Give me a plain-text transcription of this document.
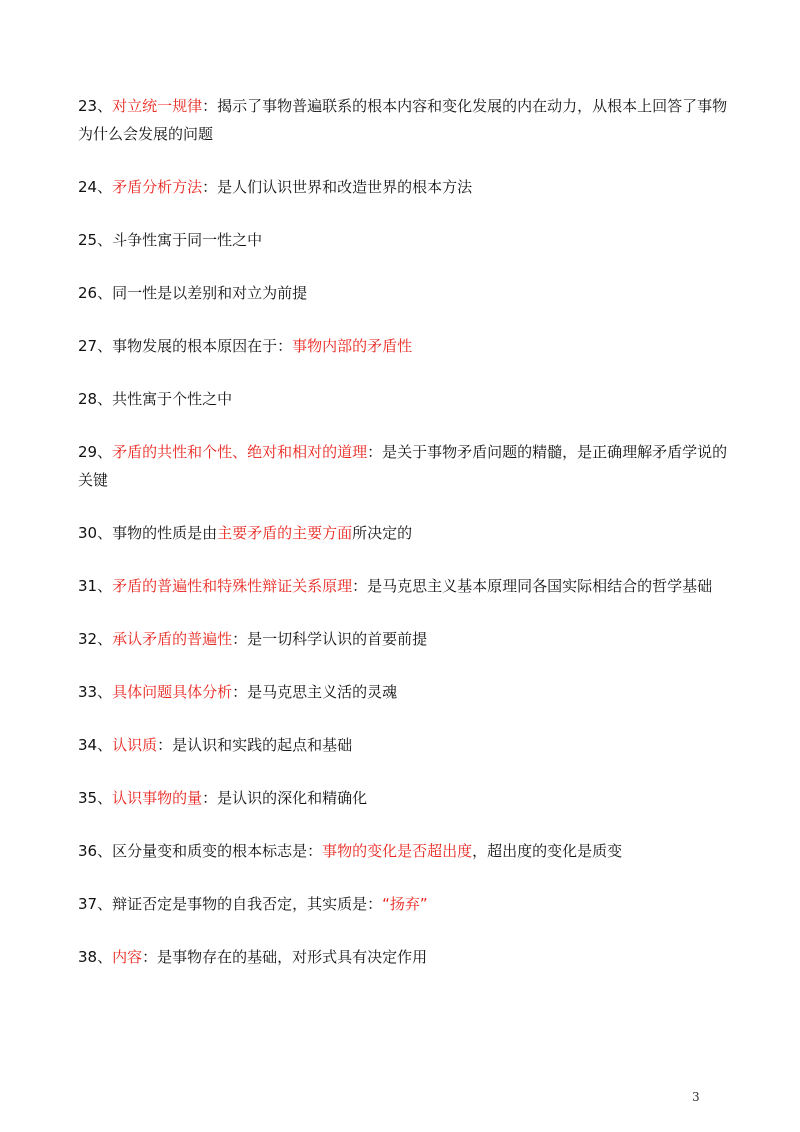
23、对立统一规律：揭示了事物普遍联系的根本内容和变化发展的内在动力，从根本上回答了事物为什么会发展的问题
24、矛盾分析方法：是人们认识世界和改造世界的根本方法
25、斗争性寓于同一性之中
26、同一性是以差别和对立为前提
27、事物发展的根本原因在于：事物内部的矛盾性
28、共性寓于个性之中
29、矛盾的共性和个性、绝对和相对的道理：是关于事物矛盾问题的精髓，是正确理解矛盾学说的关键
30、事物的性质是由主要矛盾的主要方面所决定的
31、矛盾的普遍性和特殊性辩证关系原理：是马克思主义基本原理同各国实际相结合的哲学基础
32、承认矛盾的普遍性：是一切科学认识的首要前提
33、具体问题具体分析：是马克思主义活的灵魂
34、认识质：是认识和实践的起点和基础
35、认识事物的量：是认识的深化和精确化
36、区分量变和质变的根本标志是：事物的变化是否超出度，超出度的变化是质变
37、辩证否定是事物的自我否定，其实质是：“扬弃”
38、内容：是事物存在的基础，对形式具有决定作用
3
